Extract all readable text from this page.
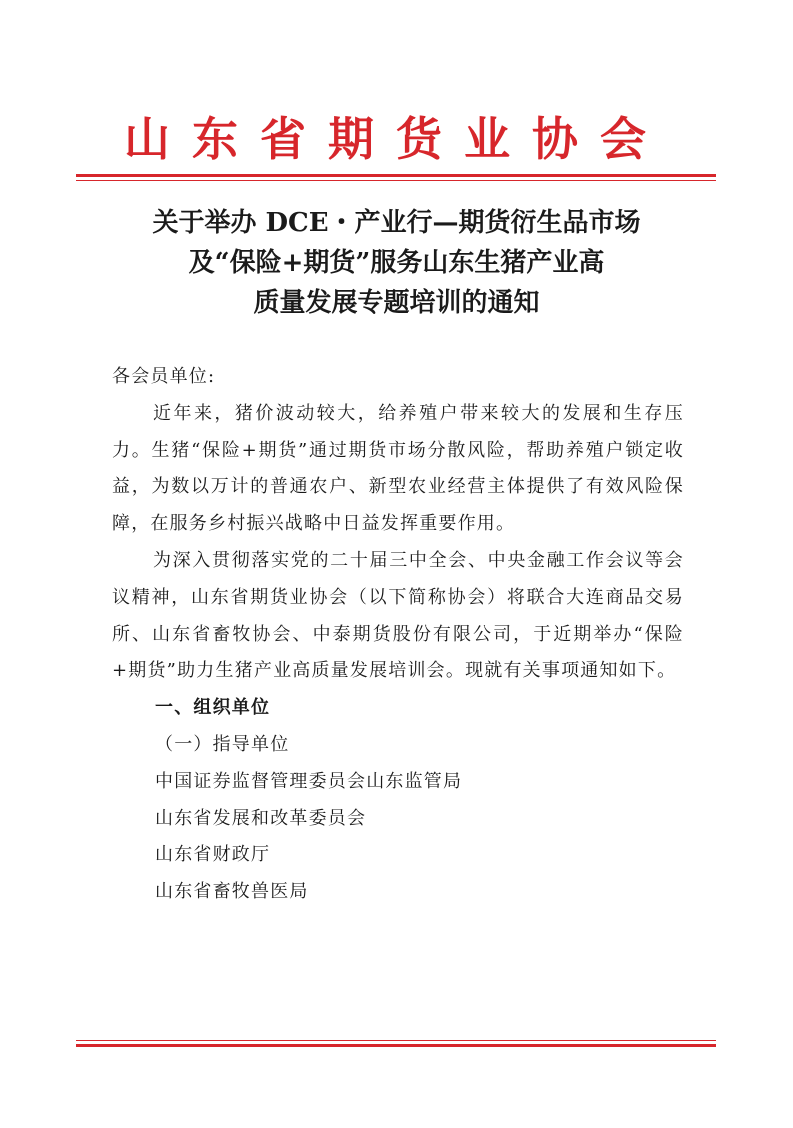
山东省期货业协会
关于举办 DCE・产业行—期货衍生品市场
及“保险+期货”服务山东生猪产业高
质量发展专题培训的通知

各会员单位:

近年来，猪价波动较大，给养殖户带来较大的发展和生存压力。生猪“保险+期货”通过期货市场分散风险，帮助养殖户锁定收益，为数以万计的普通农户、新型农业经营主体提供了有效风险保障，在服务乡村振兴战略中日益发挥重要作用。

为深入贯彻落实党的二十届三中全会、中央金融工作会议等会议精神，山东省期货业协会（以下简称协会）将联合大连商品交易所、山东省畜牧协会、中泰期货股份有限公司，于近期举办“保险+期货”助力生猪产业高质量发展培训会。现就有关事项通知如下。

一、组织单位

（一）指导单位

中国证券监督管理委员会山东监管局

山东省发展和改革委员会

山东省财政厅

山东省畜牧兽医局
